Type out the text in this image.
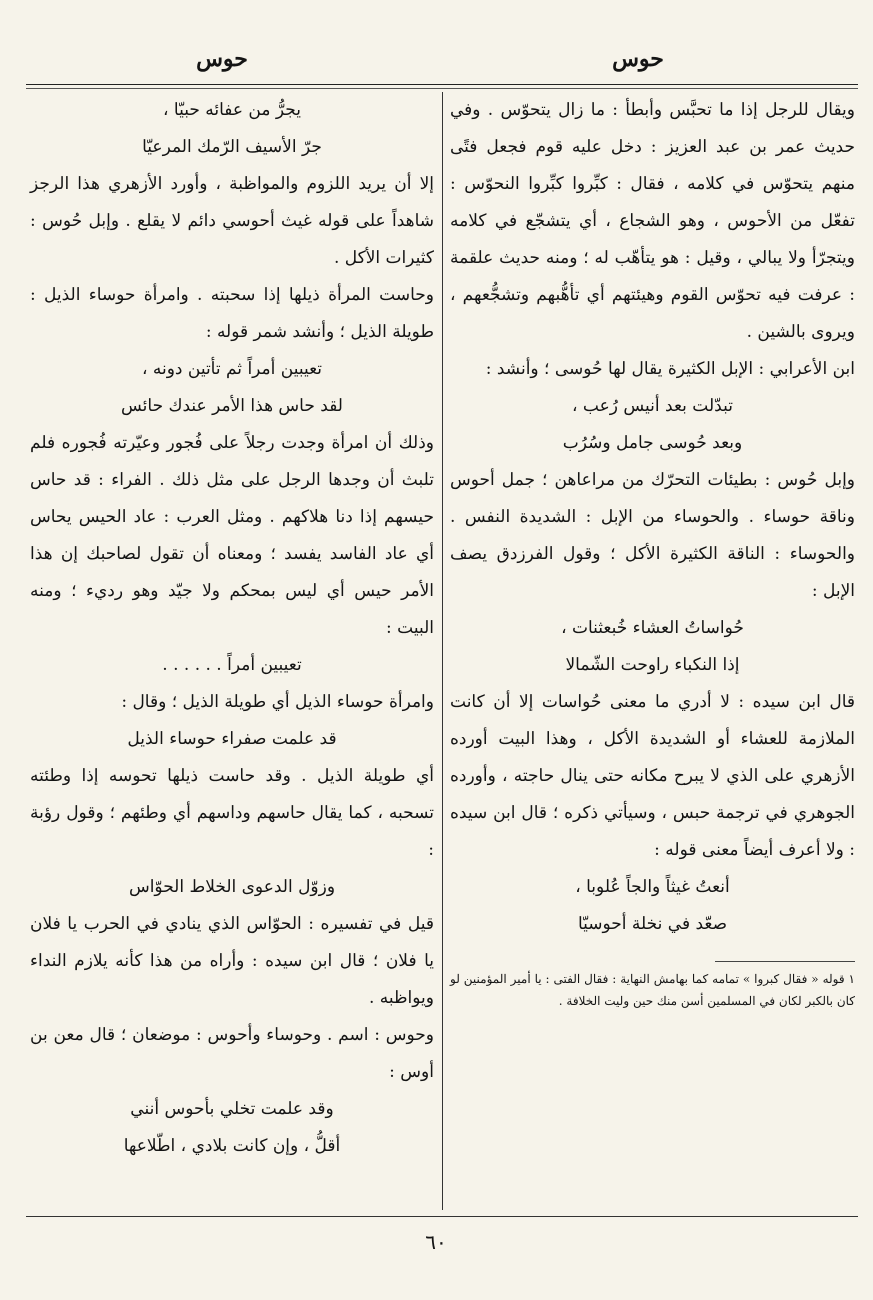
حوس
حوس

ويقال للرجل إذا ما تحبَّس وأبطأ : ما زال يتحوّس . وفي حديث عمر بن عبد العزيز : دخل عليه قوم فجعل فتًى منهم يتحوّس في كلامه ، فقال : كبِّروا كبِّروا النحوّس : تفعّل من الأحوس ، وهو الشجاع ، أي يتشجّع في كلامه ويتجرّأ ولا يبالي ، وقيل : هو يتأهّب له ؛ ومنه حديث علقمة : عرفت فيه تحوّس القوم وهيئتهم أي تأهُّبهم وتشجُّعهم ، ويروى بالشين .

ابن الأعرابي : الإبل الكثيرة يقال لها حُوسى ؛ وأنشد :

تبدّلت بعد أنيس رُعب ،

وبعد حُوسى جامل وسُرُب

وإبل حُوس : بطيئات التحرّك من مراعاهن ؛ جمل أحوس وناقة حوساء . والحوساء من الإبل : الشديدة النفس . والحوساء : الناقة الكثيرة الأكل ؛ وقول الفرزدق يصف الإبل :

حُواساتُ العشاء خُبعثنات ،

إذا النكباء راوحت الشّمالا

قال ابن سيده : لا أدري ما معنى حُواسات إلا أن كانت الملازمة للعشاء أو الشديدة الأكل ، وهذا البيت أورده الأزهري على الذي لا يبرح مكانه حتى ينال حاجته ، وأورده الجوهري في ترجمة حبس ، وسيأتي ذكره ؛ قال ابن سيده : ولا أعرف أيضاً معنى قوله :

أنعتُ غيثاً والجاً عُلوبا ،

صعّد في نخلة أحوسيّا

١ قوله « فقال كبروا » تمامه كما بهامش النهاية : فقال الفتى : يا أمير المؤمنين لو كان بالكبر لكان في المسلمين أسن منك حين وليت الخلافة .

يجرُّ من عفائه حبيّا ،

جرّ الأسيف الرّمك المرعيّا

إلا أن يريد اللزوم والمواظبة ، وأورد الأزهري هذا الرجز شاهداً على قوله غيث أحوسي دائم لا يقلع . وإبل حُوس : كثيرات الأكل .

وحاست المرأة ذيلها إذا سحبته . وامرأة حوساء الذيل : طويلة الذيل ؛ وأنشد شمر قوله :

تعيبين أمراً ثم تأتين دونه ،

لقد حاس هذا الأمر عندك حائس

وذلك أن امرأة وجدت رجلاً على فُجور وعيّرته فُجوره فلم تلبث أن وجدها الرجل على مثل ذلك . الفراء : قد حاس حيسهم إذا دنا هلاكهم . ومثل العرب : عاد الحيس يحاس أي عاد الفاسد يفسد ؛ ومعناه أن تقول لصاحبك إن هذا الأمر حيس أي ليس بمحكم ولا جيّد وهو رديء ؛ ومنه البيت :

تعيبين أمراً . . . . . .

وامرأة حوساء الذيل أي طويلة الذيل ؛ وقال :

قد علمت صفراء حوساء الذيل

أي طويلة الذيل . وقد حاست ذيلها تحوسه إذا وطئته تسحبه ، كما يقال حاسهم وداسهم أي وطئهم ؛ وقول رؤبة :

وزوّل الدعوى الخلاط الحوّاس

قيل في تفسيره : الحوّاس الذي ينادي في الحرب يا فلان يا فلان ؛ قال ابن سيده : وأراه من هذا كأنه يلازم النداء ويواظبه .

وحوس : اسم . وحوساء وأحوس : موضعان ؛ قال معن بن أوس :

وقد علمت تخلي بأحوس أنني

أقلُّ ، وإن كانت بلادي ، اطّلاعها

٦٠
